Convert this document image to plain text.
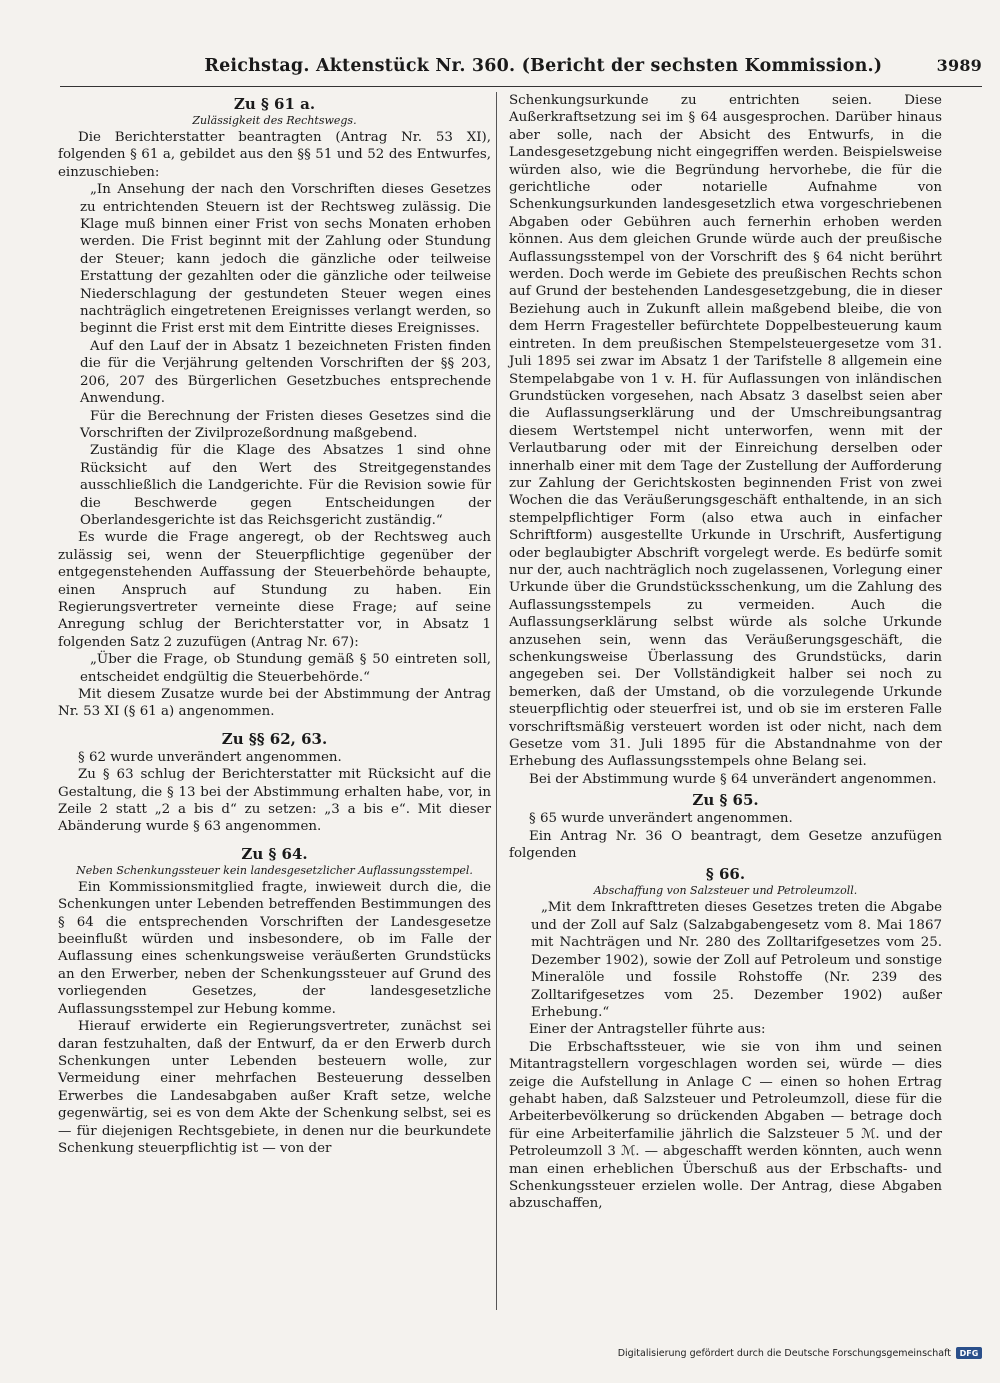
Reichstag. Aktenstück Nr. 360. (Bericht der sechsten Kommission.)	3989

Zu § 61 a.

Zulässigkeit des Rechtswegs.

Die Berichterstatter beantragten (Antrag Nr. 53 XI), folgenden § 61 a, gebildet aus den §§ 51 und 52 des Entwurfes, einzuschieben:

„In Ansehung der nach den Vorschriften dieses Gesetzes zu entrichtenden Steuern ist der Rechtsweg zulässig. Die Klage muß binnen einer Frist von sechs Monaten erhoben werden. Die Frist beginnt mit der Zahlung oder Stundung der Steuer; kann jedoch die gänzliche oder teilweise Erstattung der gezahlten oder die gänzliche oder teilweise Niederschlagung der gestundeten Steuer wegen eines nachträglich eingetretenen Ereignisses verlangt werden, so beginnt die Frist erst mit dem Eintritte dieses Ereignisses.

Auf den Lauf der in Absatz 1 bezeichneten Fristen finden die für die Verjährung geltenden Vorschriften der §§ 203, 206, 207 des Bürgerlichen Gesetzbuches entsprechende Anwendung.

Für die Berechnung der Fristen dieses Gesetzes sind die Vorschriften der Zivilprozeßordnung maßgebend.

Zuständig für die Klage des Absatzes 1 sind ohne Rücksicht auf den Wert des Streitgegenstandes ausschließlich die Landgerichte. Für die Revision sowie für die Beschwerde gegen Entscheidungen der Oberlandesgerichte ist das Reichsgericht zuständig.“

Es wurde die Frage angeregt, ob der Rechtsweg auch zulässig sei, wenn der Steuerpflichtige gegenüber der entgegenstehenden Auffassung der Steuerbehörde behaupte, einen Anspruch auf Stundung zu haben. Ein Regierungsvertreter verneinte diese Frage; auf seine Anregung schlug der Berichterstatter vor, in Absatz 1 folgenden Satz 2 zuzufügen (Antrag Nr. 67):

„Über die Frage, ob Stundung gemäß § 50 eintreten soll, entscheidet endgültig die Steuerbehörde.“

Mit diesem Zusatze wurde bei der Abstimmung der Antrag Nr. 53 XI (§ 61 a) angenommen.

Zu §§ 62, 63.

§ 62 wurde unverändert angenommen.

Zu § 63 schlug der Berichterstatter mit Rücksicht auf die Gestaltung, die § 13 bei der Abstimmung erhalten habe, vor, in Zeile 2 statt „2 a bis d“ zu setzen: „3 a bis e“. Mit dieser Abänderung wurde § 63 angenommen.

Zu § 64.

Neben Schenkungssteuer kein landesgesetzlicher Auflassungsstempel.

Ein Kommissionsmitglied fragte, inwieweit durch die, die Schenkungen unter Lebenden betreffenden Bestimmungen des § 64 die entsprechenden Vorschriften der Landesgesetze beeinflußt würden und insbesondere, ob im Falle der Auflassung eines schenkungsweise veräußerten Grundstücks an den Erwerber, neben der Schenkungssteuer auf Grund des vorliegenden Gesetzes, der landesgesetzliche Auflassungsstempel zur Hebung komme.

Hierauf erwiderte ein Regierungsvertreter, zunächst sei daran festzuhalten, daß der Entwurf, da er den Erwerb durch Schenkungen unter Lebenden besteuern wolle, zur Vermeidung einer mehrfachen Besteuerung desselben Erwerbes die Landesabgaben außer Kraft setze, welche gegenwärtig, sei es von dem Akte der Schenkung selbst, sei es — für diejenigen Rechtsgebiete, in denen nur die beurkundete Schenkung steuerpflichtig ist — von der

Schenkungsurkunde zu entrichten seien. Diese Außerkraftsetzung sei im § 64 ausgesprochen. Darüber hinaus aber solle, nach der Absicht des Entwurfs, in die Landesgesetzgebung nicht eingegriffen werden. Beispielsweise würden also, wie die Begründung hervorhebe, die für die gerichtliche oder notarielle Aufnahme von Schenkungsurkunden landesgesetzlich etwa vorgeschriebenen Abgaben oder Gebühren auch fernerhin erhoben werden können. Aus dem gleichen Grunde würde auch der preußische Auflassungsstempel von der Vorschrift des § 64 nicht berührt werden. Doch werde im Gebiete des preußischen Rechts schon auf Grund der bestehenden Landesgesetzgebung, die in dieser Beziehung auch in Zukunft allein maßgebend bleibe, die von dem Herrn Fragesteller befürchtete Doppelbesteuerung kaum eintreten. In dem preußischen Stempelsteuergesetze vom 31. Juli 1895 sei zwar im Absatz 1 der Tarifstelle 8 allgemein eine Stempelabgabe von 1 v. H. für Auflassungen von inländischen Grundstücken vorgesehen, nach Absatz 3 daselbst seien aber die Auflassungserklärung und der Umschreibungsantrag diesem Wertstempel nicht unterworfen, wenn mit der Verlautbarung oder mit der Einreichung derselben oder innerhalb einer mit dem Tage der Zustellung der Aufforderung zur Zahlung der Gerichtskosten beginnenden Frist von zwei Wochen die das Veräußerungsgeschäft enthaltende, in an sich stempelpflichtiger Form (also etwa auch in einfacher Schriftform) ausgestellte Urkunde in Urschrift, Ausfertigung oder beglaubigter Abschrift vorgelegt werde. Es bedürfe somit nur der, auch nachträglich noch zugelassenen, Vorlegung einer Urkunde über die Grundstücksschenkung, um die Zahlung des Auflassungsstempels zu vermeiden. Auch die Auflassungserklärung selbst würde als solche Urkunde anzusehen sein, wenn das Veräußerungsgeschäft, die schenkungsweise Überlassung des Grundstücks, darin angegeben sei. Der Vollständigkeit halber sei noch zu bemerken, daß der Umstand, ob die vorzulegende Urkunde steuerpflichtig oder steuerfrei ist, und ob sie im ersteren Falle vorschriftsmäßig versteuert worden ist oder nicht, nach dem Gesetze vom 31. Juli 1895 für die Abstandnahme von der Erhebung des Auflassungsstempels ohne Belang sei.

Bei der Abstimmung wurde § 64 unverändert angenommen.

Zu § 65.

§ 65 wurde unverändert angenommen.

Ein Antrag Nr. 36 O beantragt, dem Gesetze anzufügen folgenden

§ 66.

Abschaffung von Salzsteuer und Petroleumzoll.

„Mit dem Inkrafttreten dieses Gesetzes treten die Abgabe und der Zoll auf Salz (Salzabgabengesetz vom 8. Mai 1867 mit Nachträgen und Nr. 280 des Zolltarifgesetzes vom 25. Dezember 1902), sowie der Zoll auf Petroleum und sonstige Mineralöle und fossile Rohstoffe (Nr. 239 des Zolltarifgesetzes vom 25. Dezember 1902) außer Erhebung.“

Einer der Antragsteller führte aus:

Die Erbschaftssteuer, wie sie von ihm und seinen Mitantragstellern vorgeschlagen worden sei, würde — dies zeige die Aufstellung in Anlage C — einen so hohen Ertrag gehabt haben, daß Salzsteuer und Petroleumzoll, diese für die Arbeiterbevölkerung so drückenden Abgaben — betrage doch für eine Arbeiterfamilie jährlich die Salzsteuer 5 ℳ. und der Petroleumzoll 3 ℳ. — abgeschafft werden könnten, auch wenn man einen erheblichen Überschuß aus der Erbschafts- und Schenkungssteuer erzielen wolle. Der Antrag, diese Abgaben abzuschaffen,

Digitalisierung gefördert durch die Deutsche Forschungsgemeinschaft	DFG
